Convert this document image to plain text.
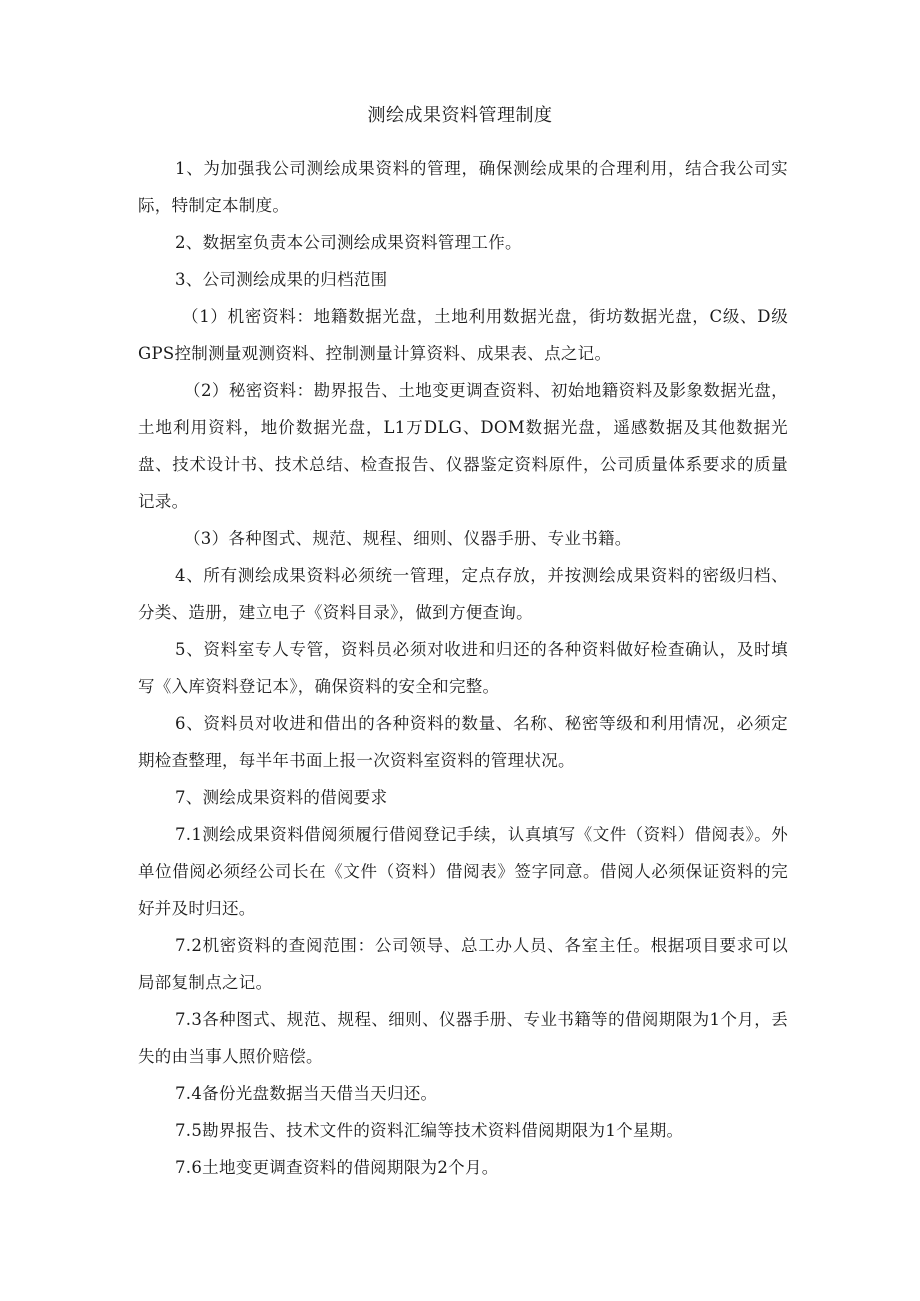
测绘成果资料管理制度

1、为加强我公司测绘成果资料的管理，确保测绘成果的合理利用，结合我公司实际，特制定本制度。

2、数据室负责本公司测绘成果资料管理工作。

3、公司测绘成果的归档范围

（1）机密资料：地籍数据光盘，土地利用数据光盘，街坊数据光盘，C级、D级GPS控制测量观测资料、控制测量计算资料、成果表、点之记。

（2）秘密资料：勘界报告、土地变更调查资料、初始地籍资料及影象数据光盘，土地利用资料，地价数据光盘，L1万DLG、DOM数据光盘，遥感数据及其他数据光盘、技术设计书、技术总结、检查报告、仪器鉴定资料原件，公司质量体系要求的质量记录。

（3）各种图式、规范、规程、细则、仪器手册、专业书籍。

4、所有测绘成果资料必须统一管理，定点存放，并按测绘成果资料的密级归档、分类、造册，建立电子《资料目录》，做到方便查询。

5、资料室专人专管，资料员必须对收进和归还的各种资料做好检查确认，及时填写《入库资料登记本》，确保资料的安全和完整。

6、资料员对收进和借出的各种资料的数量、名称、秘密等级和利用情况，必须定期检查整理，每半年书面上报一次资料室资料的管理状况。

7、测绘成果资料的借阅要求

7.1测绘成果资料借阅须履行借阅登记手续，认真填写《文件（资料）借阅表》。外单位借阅必须经公司长在《文件（资料）借阅表》签字同意。借阅人必须保证资料的完好并及时归还。

7.2机密资料的查阅范围：公司领导、总工办人员、各室主任。根据项目要求可以局部复制点之记。

7.3各种图式、规范、规程、细则、仪器手册、专业书籍等的借阅期限为1个月，丢失的由当事人照价赔偿。

7.4备份光盘数据当天借当天归还。

7.5勘界报告、技术文件的资料汇编等技术资料借阅期限为1个星期。

7.6土地变更调查资料的借阅期限为2个月。
